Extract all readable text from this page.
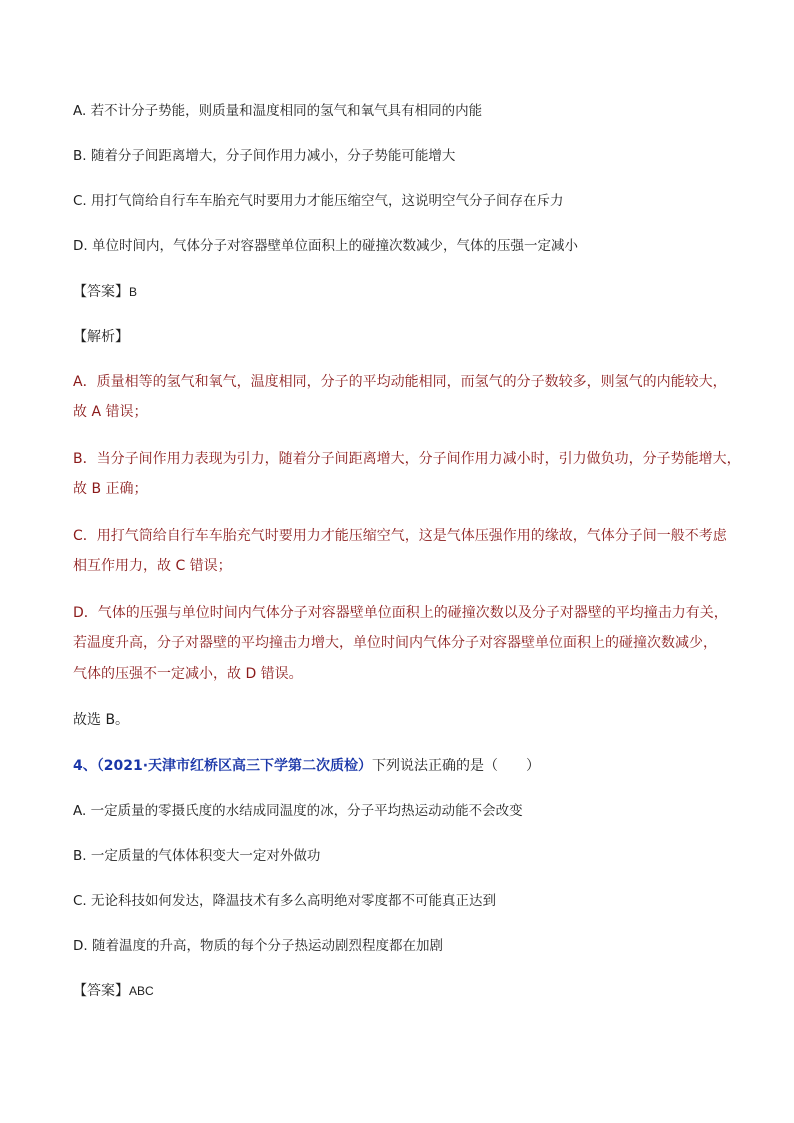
A. 若不计分子势能，则质量和温度相同的氢气和氧气具有相同的内能
B. 随着分子间距离增大，分子间作用力减小，分子势能可能增大
C. 用打气筒给自行车车胎充气时要用力才能压缩空气，这说明空气分子间存在斥力
D. 单位时间内，气体分子对容器壁单位面积上的碰撞次数减少，气体的压强一定减小
【答案】B
【解析】
A．质量相等的氢气和氧气，温度相同，分子的平均动能相同，而氢气的分子数较多，则氢气的内能较大，
故 A 错误；
B．当分子间作用力表现为引力，随着分子间距离增大，分子间作用力减小时，引力做负功，分子势能增大，
故 B 正确；
C．用打气筒给自行车车胎充气时要用力才能压缩空气，这是气体压强作用的缘故，气体分子间一般不考虑
相互作用力，故 C 错误；
D．气体的压强与单位时间内气体分子对容器壁单位面积上的碰撞次数以及分子对器壁的平均撞击力有关，
若温度升高，分子对器壁的平均撞击力增大，单位时间内气体分子对容器壁单位面积上的碰撞次数减少，
气体的压强不一定减小，故 D 错误。
故选 B。
4、（2021·天津市红桥区高三下学第二次质检）下列说法正确的是（　　）
A. 一定质量的零摄氏度的水结成同温度的冰，分子平均热运动动能不会改变
B. 一定质量的气体体积变大一定对外做功
C. 无论科技如何发达，降温技术有多么高明绝对零度都不可能真正达到
D. 随着温度的升高，物质的每个分子热运动剧烈程度都在加剧
【答案】ABC
